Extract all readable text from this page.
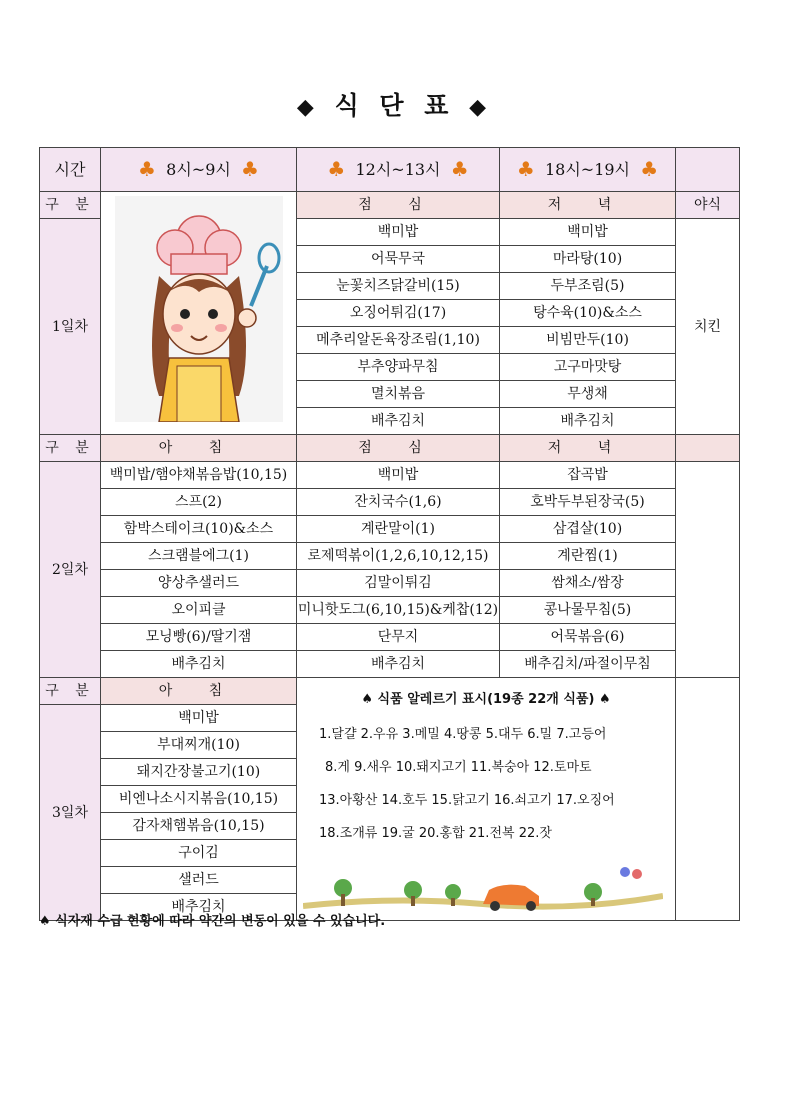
◆ 식 단 표 ◆
시간	♣ 8시~9시 ♣	♣ 12시~13시 ♣	♣ 18시~19시 ♣	
구 분		점 심	저 녁	야식
1일차		백미밥	백미밥	치킨
		어묵무국	마라탕(10)	
		눈꽃치즈닭갈비(15)	두부조림(5)	
		오징어튀김(17)	탕수육(10)&소스	
		메추리알돈육장조림(1,10)	비빔만두(10)	
		부추양파무침	고구마맛탕	
		멸치볶음	무생채	
		배추김치	배추김치	
구 분	아 침	점 심	저 녁	
2일차	백미밥/햄야채볶음밥(10,15)	백미밥	잡곡밥	
	스프(2)	잔치국수(1,6)	호박두부된장국(5)	
	함박스테이크(10)&소스	계란말이(1)	삼겹살(10)	
	스크램블에그(1)	로제떡볶이(1,2,6,10,12,15)	계란찜(1)	
	양상추샐러드	김말이튀김	쌈채소/쌈장	
	오이피클	미니핫도그(6,10,15)&케찹(12)	콩나물무침(5)	
	모닝빵(6)/딸기잼	단무지	어묵볶음(6)	
	배추김치	배추김치	배추김치/파절이무침	
구 분	아 침	♠ 식품 알레르기 표시(19종 22개 식품) ♠
1.달걀 2.우유 3.메밀 4.땅콩 5.대두 6.밀 7.고등어
8.게 9.새우 10.돼지고기 11.복숭아 12.토마토
13.아황산 14.호두 15.닭고기 16.쇠고기 17.오징어
18.조개류 19.굴 20.홍합 21.전복 22.잣		

3일차	백미밥			
	부대찌개(10)			
	돼지간장불고기(10)			
	비엔나소시지볶음(10,15)			
	감자채햄볶음(10,15)			
	구이김			
	샐러드			
	배추김치			
♠ 식자재 수급 현황에 따라 약간의 변동이 있을 수 있습니다.
